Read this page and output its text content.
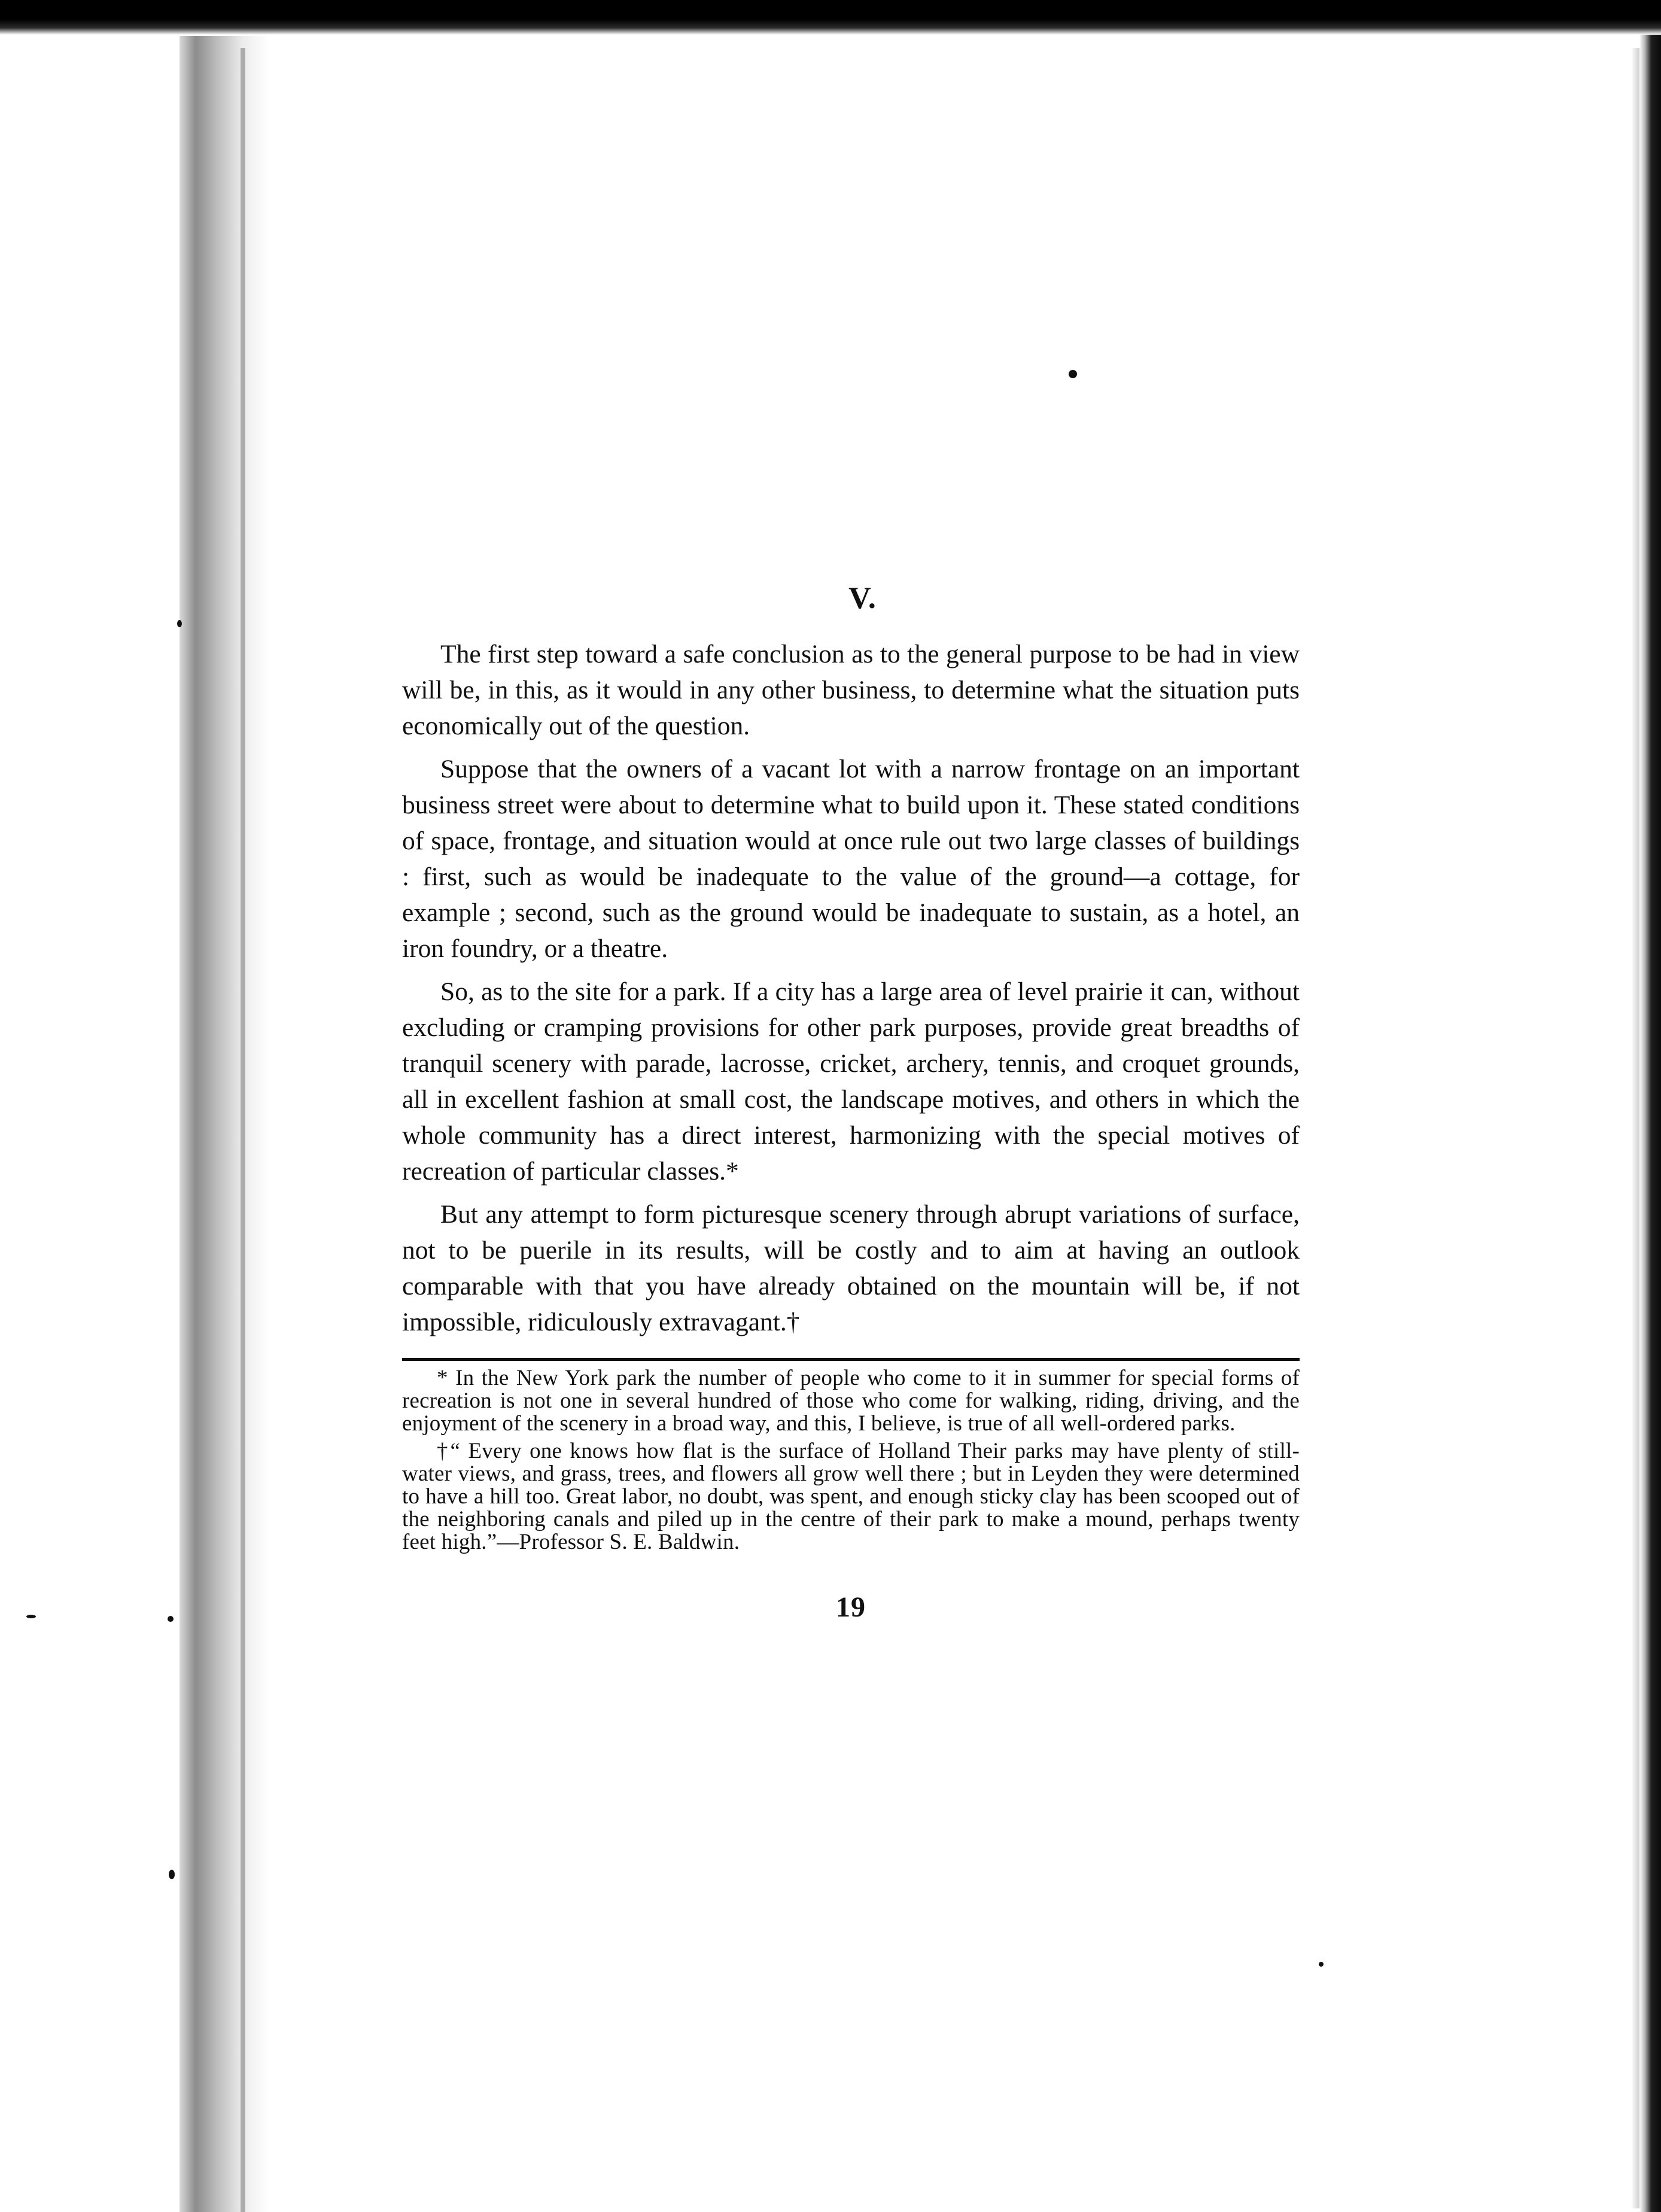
V.

The first step toward a safe conclusion as to the general purpose to be had in view will be, in this, as it would in any other business, to determine what the situation puts economically out of the question.

Suppose that the owners of a vacant lot with a narrow frontage on an important business street were about to determine what to build upon it. These stated conditions of space, frontage, and situation would at once rule out two large classes of buildings : first, such as would be inadequate to the value of the ground—a cottage, for example ; second, such as the ground would be inadequate to sustain, as a hotel, an iron foundry, or a theatre.

So, as to the site for a park. If a city has a large area of level prairie it can, without excluding or cramping provisions for other park purposes, provide great breadths of tranquil scenery with parade, lacrosse, cricket, archery, tennis, and croquet grounds, all in excellent fashion at small cost, the landscape motives, and others in which the whole community has a direct interest, harmonizing with the special motives of recreation of particular classes.*

But any attempt to form picturesque scenery through abrupt variations of surface, not to be puerile in its results, will be costly and to aim at having an outlook comparable with that you have already obtained on the mountain will be, if not impossible, ridiculously extravagant.†

* In the New York park the number of people who come to it in summer for special forms of recreation is not one in several hundred of those who come for walking, riding, driving, and the enjoyment of the scenery in a broad way, and this, I believe, is true of all well-ordered parks.

†“ Every one knows how flat is the surface of Holland Their parks may have plenty of still-water views, and grass, trees, and flowers all grow well there ; but in Leyden they were determined to have a hill too. Great labor, no doubt, was spent, and enough sticky clay has been scooped out of the neighboring canals and piled up in the centre of their park to make a mound, perhaps twenty feet high.”—Professor S. E. Baldwin.

19
